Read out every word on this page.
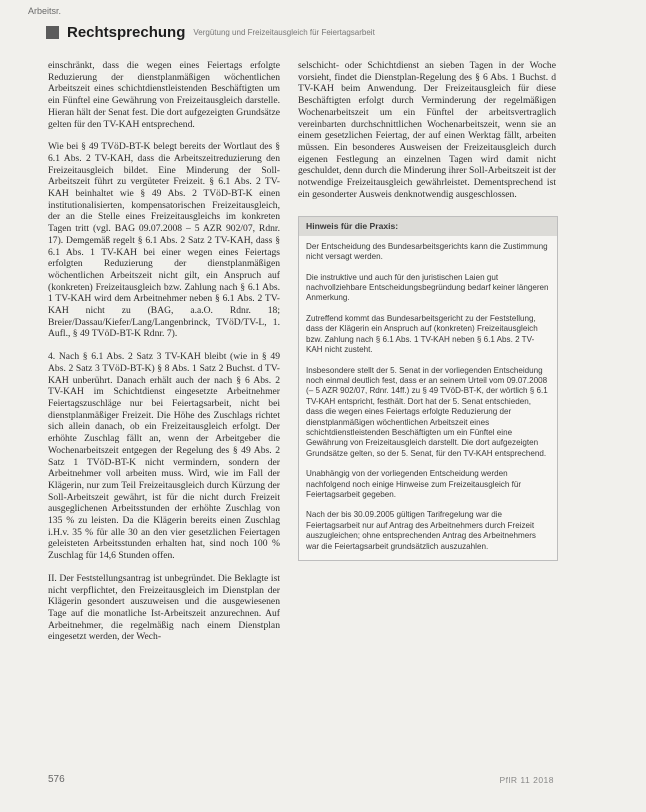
Arbeitsr.
Rechtsprechung Vergütung und Freizeitausgleich für Feiertagsarbeit

einschränkt, dass die wegen eines Feiertags erfolgte Reduzierung der dienstplanmäßigen wöchentlichen Arbeitszeit eines schichtdienstleistenden Beschäftigten um ein Fünftel eine Gewährung von Freizeitausgleich darstelle. Hieran hält der Senat fest. Die dort aufgezeigten Grundsätze gelten für den TV-KAH entsprechend.

Wie bei § 49 TVöD-BT-K belegt bereits der Wortlaut des § 6.1 Abs. 2 TV-KAH, dass die Arbeitszeitreduzierung den Freizeitausgleich bildet. Eine Minderung der Soll-Arbeitszeit führt zu vergüteter Freizeit. § 6.1 Abs. 2 TV-KAH beinhaltet wie § 49 Abs. 2 TVöD-BT-K einen institutionalisierten, kompensatorischen Freizeitausgleich, der an die Stelle eines Freizeitausgleichs im konkreten Tagen tritt (vgl. BAG 09.07.2008 – 5 AZR 902/07, Rdnr. 17). Demgemäß regelt § 6.1 Abs. 2 Satz 2 TV-KAH, dass § 6.1 Abs. 1 TV-KAH bei einer wegen eines Feiertags erfolgten Reduzierung der dienstplanmäßigen wöchentlichen Arbeitszeit nicht gilt, ein Anspruch auf (konkreten) Freizeitausgleich bzw. Zahlung nach § 6.1 Abs. 1 TV-KAH wird dem Arbeitnehmer neben § 6.1 Abs. 2 TV-KAH nicht zu (BAG, a.a.O. Rdnr. 18; Breier/Dassau/Kiefer/Lang/Langenbrinck, TVöD/TV-L, 1. Aufl., § 49 TVöD-BT-K Rdnr. 7).

4. Nach § 6.1 Abs. 2 Satz 3 TV-KAH bleibt (wie in § 49 Abs. 2 Satz 3 TVöD-BT-K) § 8 Abs. 1 Satz 2 Buchst. d TV-KAH unberührt. Danach erhält auch der nach § 6 Abs. 2 TV-KAH im Schichtdienst eingesetzte Arbeitnehmer Feiertagszuschläge nur bei Feiertagsarbeit, nicht bei dienstplanmäßiger Freizeit. Die Höhe des Zuschlags richtet sich allein danach, ob ein Freizeitausgleich erfolgt. Der erhöhte Zuschlag fällt an, wenn der Arbeitgeber die Wochenarbeitszeit entgegen der Regelung des § 49 Abs. 2 Satz 1 TVöD-BT-K nicht vermindern, sondern der Arbeitnehmer voll arbeiten muss. Wird, wie im Fall der Klägerin, nur zum Teil Freizeitausgleich durch Kürzung der Soll-Arbeitszeit gewährt, ist für die nicht durch Freizeit ausgeglichenen Arbeitsstunden der erhöhte Zuschlag von 135 % zu leisten. Da die Klägerin bereits einen Zuschlag i.H.v. 35 % für alle 30 an den vier gesetzlichen Feiertagen geleisteten Arbeitsstunden erhalten hat, sind noch 100 % Zuschlag für 14,6 Stunden offen.

II. Der Feststellungsantrag ist unbegründet. Die Beklagte ist nicht verpflichtet, den Freizeitausgleich im Dienstplan der Klägerin gesondert auszuweisen und die ausgewiesenen Tage auf die monatliche Ist-Arbeitszeit anzurechnen. Auf Arbeitnehmer, die regelmäßig nach einem Dienstplan eingesetzt werden, der Wech-

selschicht- oder Schichtdienst an sieben Tagen in der Woche vorsieht, findet die Dienstplan-Regelung des § 6 Abs. 1 Buchst. d TV-KAH beim Anwendung. Der Freizeitausgleich für diese Beschäftigten erfolgt durch Verminderung der regelmäßigen Wochenarbeitszeit um ein Fünftel der arbeitsvertraglich vereinbarten durchschnittlichen Wochenarbeitszeit, wenn sie an einem gesetzlichen Feiertag, der auf einen Werktag fällt, arbeiten müssen. Ein besonderes Ausweisen der Freizeitausgleich durch eigenen Festlegung an einzelnen Tagen wird damit nicht geschuldet, denn durch die Minderung ihrer Soll-Arbeitszeit ist der notwendige Freizeitausgleich gewährleistet. Dementsprechend ist ein gesonderter Ausweis denknotwendig ausgeschlossen.

Hinweis für die Praxis:

Der Entscheidung des Bundesarbeitsgerichts kann die Zustimmung nicht versagt werden.

Die instruktive und auch für den juristischen Laien gut nachvollziehbare Entscheidungsbegründung bedarf keiner längeren Anmerkung.

Zutreffend kommt das Bundesarbeitsgericht zu der Feststellung, dass der Klägerin ein Anspruch auf (konkreten) Freizeitausgleich bzw. Zahlung nach § 6.1 Abs. 1 TV-KAH neben § 6.1 Abs. 2 TV-KAH nicht zusteht.

Insbesondere stellt der 5. Senat in der vorliegenden Entscheidung noch einmal deutlich fest, dass er an seinem Urteil vom 09.07.2008 (– 5 AZR 902/07, Rdnr. 14ff.) zu § 49 TVöD-BT-K, der wörtlich § 6.1 TV-KAH entspricht, festhält. Dort hat der 5. Senat entschieden, dass die wegen eines Feiertags erfolgte Reduzierung der dienstplanmäßigen wöchentlichen Arbeitszeit eines schichtdienstleistenden Beschäftigten um ein Fünftel eine Gewährung von Freizeitausgleich darstellt. Die dort aufgezeigten Grundsätze gelten, so der 5. Senat, für den TV-KAH entsprechend.

Unabhängig von der vorliegenden Entscheidung werden nachfolgend noch einige Hinweise zum Freizeitausgleich für Feiertagsarbeit gegeben.

Nach der bis 30.09.2005 gültigen Tarifregelung war die Feiertagsarbeit nur auf Antrag des Arbeitnehmers durch Freizeit auszugleichen; ohne entsprechenden Antrag des Arbeitnehmers war die Feiertagsarbeit grundsätzlich auszuzahlen.

576	PflR 11 2018
